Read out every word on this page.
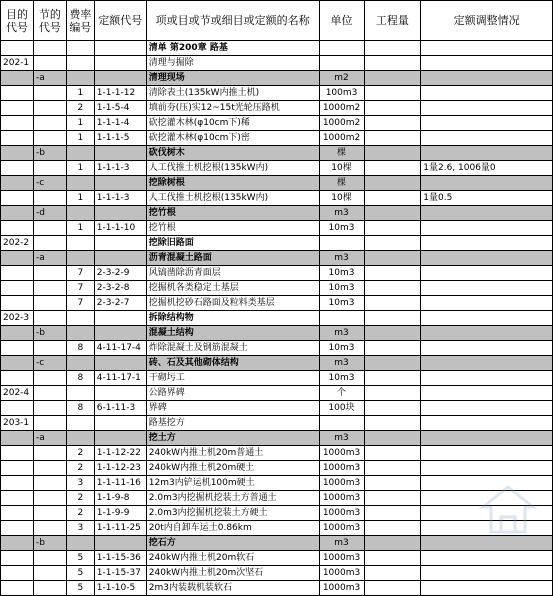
目的代号	节的代号	费率编号	定额代号	项或目或节或细目或定额的名称	单位	工程量	定额调整情况
				清单 第200章 路基			
202-1				清理与掘除			
	-a			清理现场	m2		
		1	1-1-1-12	清除表土(135kW内推土机)	100m3		
		2	1-1-5-4	填前夯(压)实12~15t光轮压路机	1000m2		
		1	1-1-1-4	砍挖灌木林(φ10cm下)稀	1000m2		
		1	1-1-1-5	砍挖灌木林(φ10cm下)密	1000m2		
	-b			砍伐树木	棵		
		1	1-1-1-3	人工伐推土机挖根(135kW内)	10棵		1量2.6, 1006量0
	-c			挖除树根	棵		
		1	1-1-1-3	人工伐推土机挖根(135kW内)	10棵		1量0.5
	-d			挖竹根	m3		
		1	1-1-1-10	挖竹根	10m3		
202-2				挖除旧路面			
	-a			沥青混凝土路面	m3		
		7	2-3-2-9	风镐凿除沥青面层	10m3		
		7	2-3-2-8	挖掘机各类稳定土基层	10m3		
		7	2-3-2-7	挖掘机挖砂石路面及粒料类基层	10m3		
202-3				拆除结构物			
	-b			混凝土结构	m3		
		8	4-11-17-4	炸除混凝土及钢筋混凝土	10m3		
	-c			砖、石及其他砌体结构	m3		
		8	4-11-17-1	干砌圬工	10m3		
202-4				公路界碑	个		
		8	6-1-11-3	界碑	100块		
203-1				路基挖方			
	-a			挖土方	m3		
		2	1-1-12-22	240kW内推土机20m普通土	1000m3		
		2	1-1-12-23	240kW内推土机20m硬土	1000m3		
		3	1-1-11-16	12m3内铲运机100m硬土	1000m3		
		2	1-1-9-8	2.0m3内挖掘机挖装土方普通土	1000m3		
		2	1-1-9-9	2.0m3内挖掘机挖装土方硬土	1000m3		
		3	1-1-11-25	20t内自卸车运土0.86km	1000m3		
	-b			挖石方	m3		
		5	1-1-15-36	240kW内推土机20m软石	1000m3		
		5	1-1-15-37	240kW内推土机20m次坚石	1000m3		
		5	1-1-10-5	2m3内装载机装软石	1000m3		
